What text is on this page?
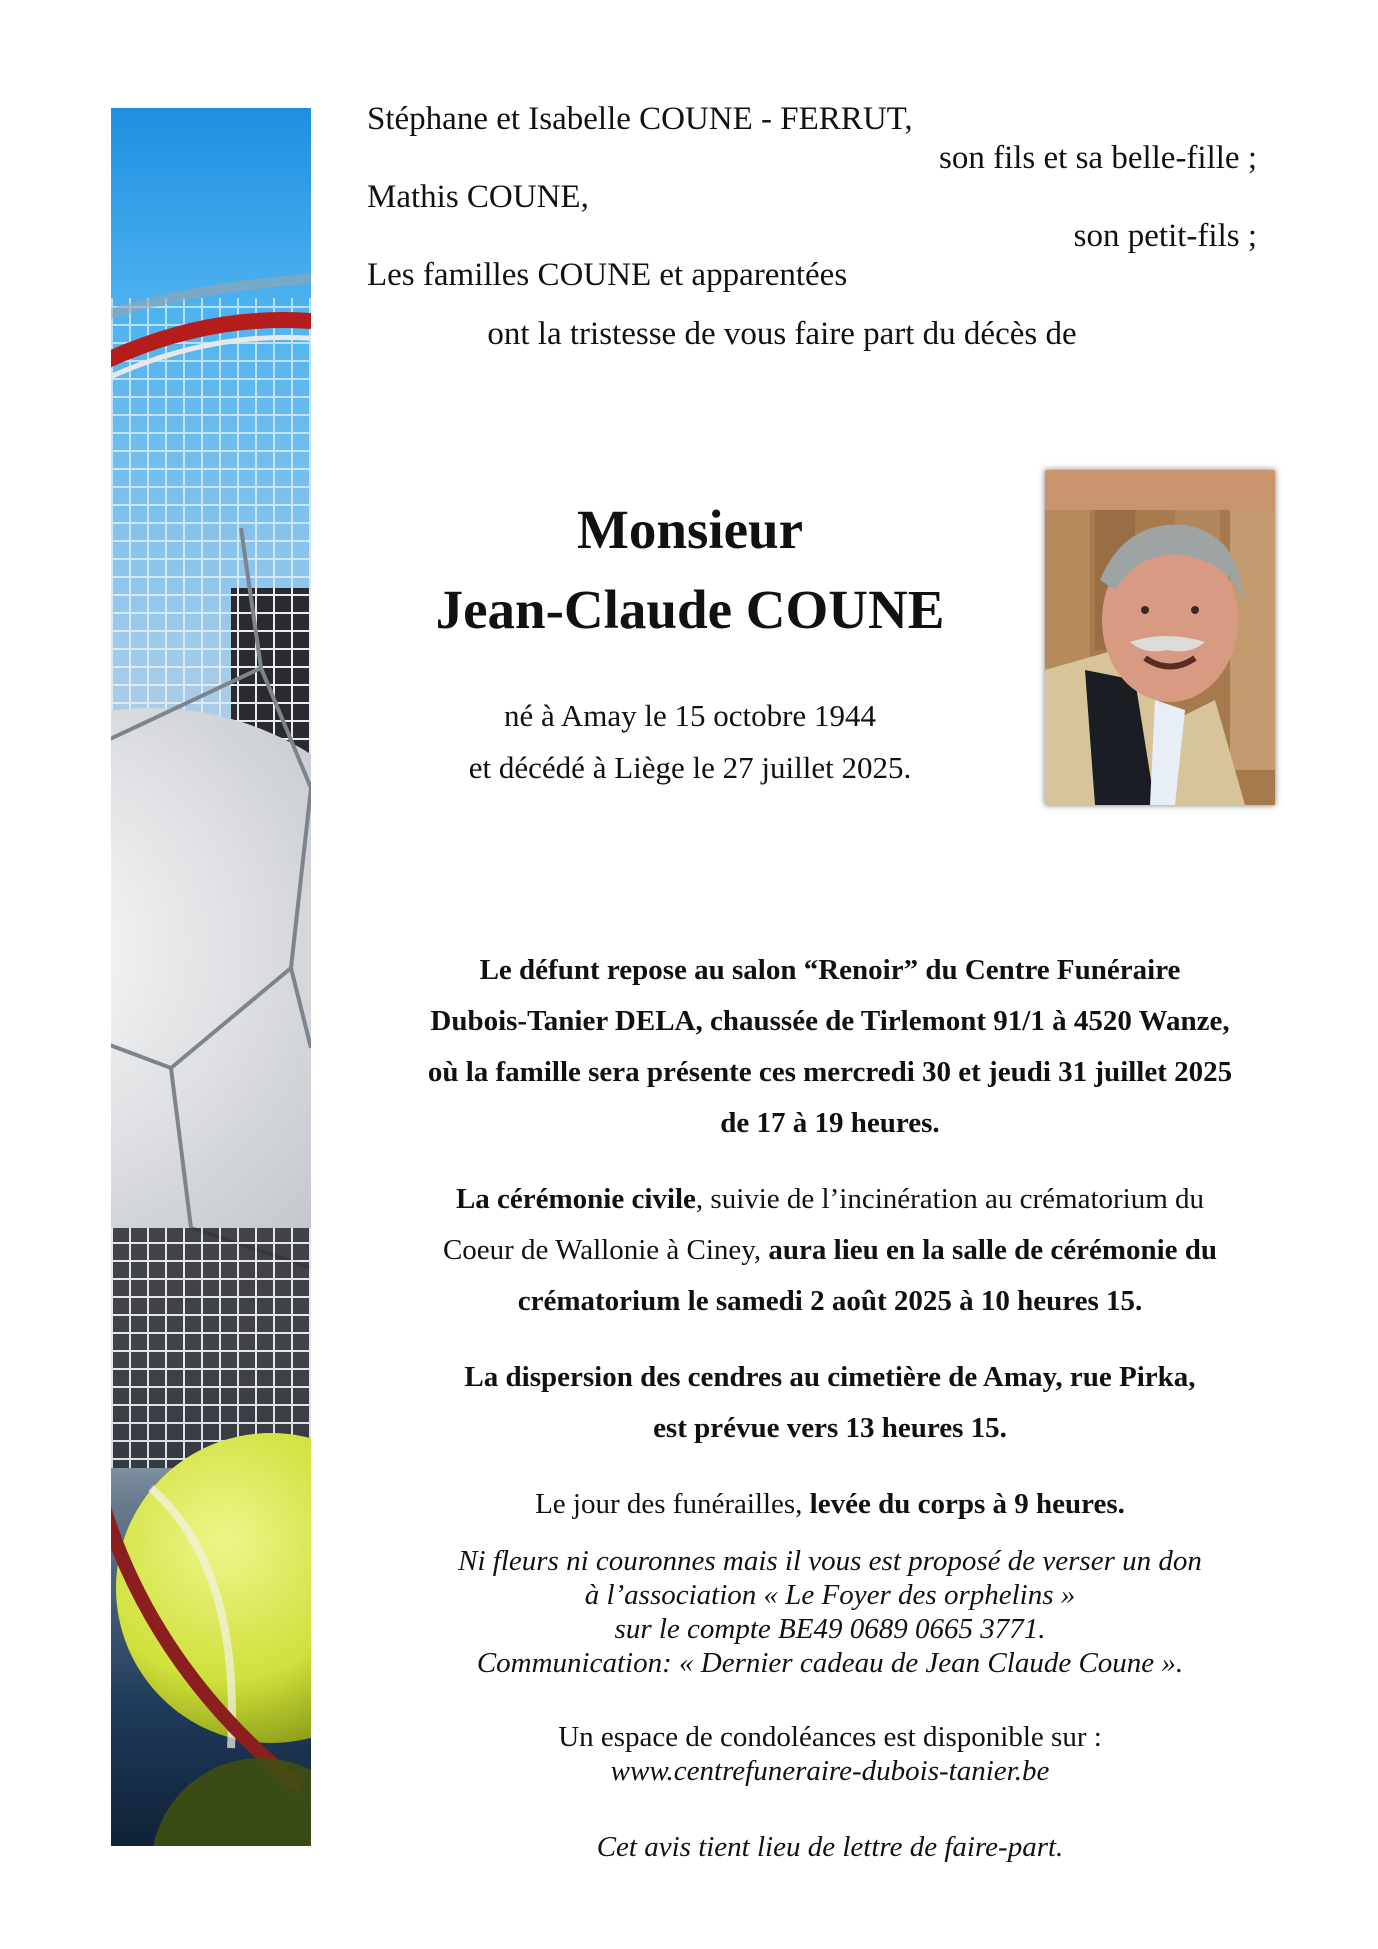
Stéphane et Isabelle COUNE - FERRUT,
son fils et sa belle-fille ;
Mathis COUNE,
son petit-fils ;
Les familles COUNE et apparentées
ont la tristesse de vous faire part du décès de
Monsieur
Jean-Claude COUNE
né à Amay le 15 octobre 1944
et décédé à Liège le 27 juillet 2025.
Le défunt repose au salon “Renoir” du Centre Funéraire
Dubois-Tanier DELA, chaussée de Tirlemont 91/1 à 4520 Wanze,
où la famille sera présente ces mercredi 30 et jeudi 31 juillet 2025
de 17 à 19 heures.
La cérémonie civile, suivie de l’incinération au crématorium du
Coeur de Wallonie à Ciney, aura lieu en la salle de cérémonie du
crématorium le samedi 2 août 2025 à 10 heures 15.
La dispersion des cendres au cimetière de Amay, rue Pirka,
est prévue vers 13 heures 15.
Le jour des funérailles, levée du corps à 9 heures.
Ni fleurs ni couronnes mais il vous est proposé de verser un don
à l’association « Le Foyer des orphelins »
sur le compte BE49 0689 0665 3771.
Communication: « Dernier cadeau de Jean Claude Coune ».
Un espace de condoléances est disponible sur :
www.centrefuneraire-dubois-tanier.be
Cet avis tient lieu de lettre de faire-part.
